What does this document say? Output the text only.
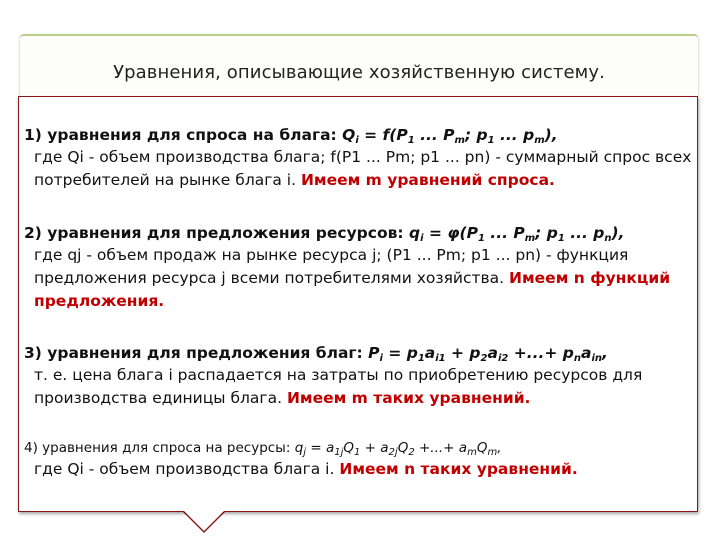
Уравнения, описывающие хозяйственную систему.
1) уравнения для спроса на блага: $Q_i = f(P_1$ ... $P_m$; $p_1$ ... $p_m$),
где Qi - объем производства блага; f(P1 ... Pm; p1 ... pn) - суммарный спрос всех потребителей на рынке блага i. Имеем m уравнений спроса.
2) уравнения для предложения ресурсов: $q_i = \varphi(P_1$ ... $P_m$; $p_1$ ... $p_n$),
где qj - объем продаж на рынке ресурса j; (P1 ... Pm; p1 ... pn) - функция предложения ресурса j всеми потребителями хозяйства. Имеем n функций предложения.
3) уравнения для предложения благ: $P_i = p_1a_{i1} + p_2a_{i2}$ +...+ $p_na_{in}$,
т. е. цена блага i распадается на затраты по приобретению ресурсов для производства единицы блага. Имеем m таких уравнений.
4) уравнения для спроса на ресурсы: $q_j = a_{1j}Q_1 + a_{2j}Q_2$ +...+ $a_mQ_m$,
где Qi - объем производства блага i. Имеем n таких уравнений.
